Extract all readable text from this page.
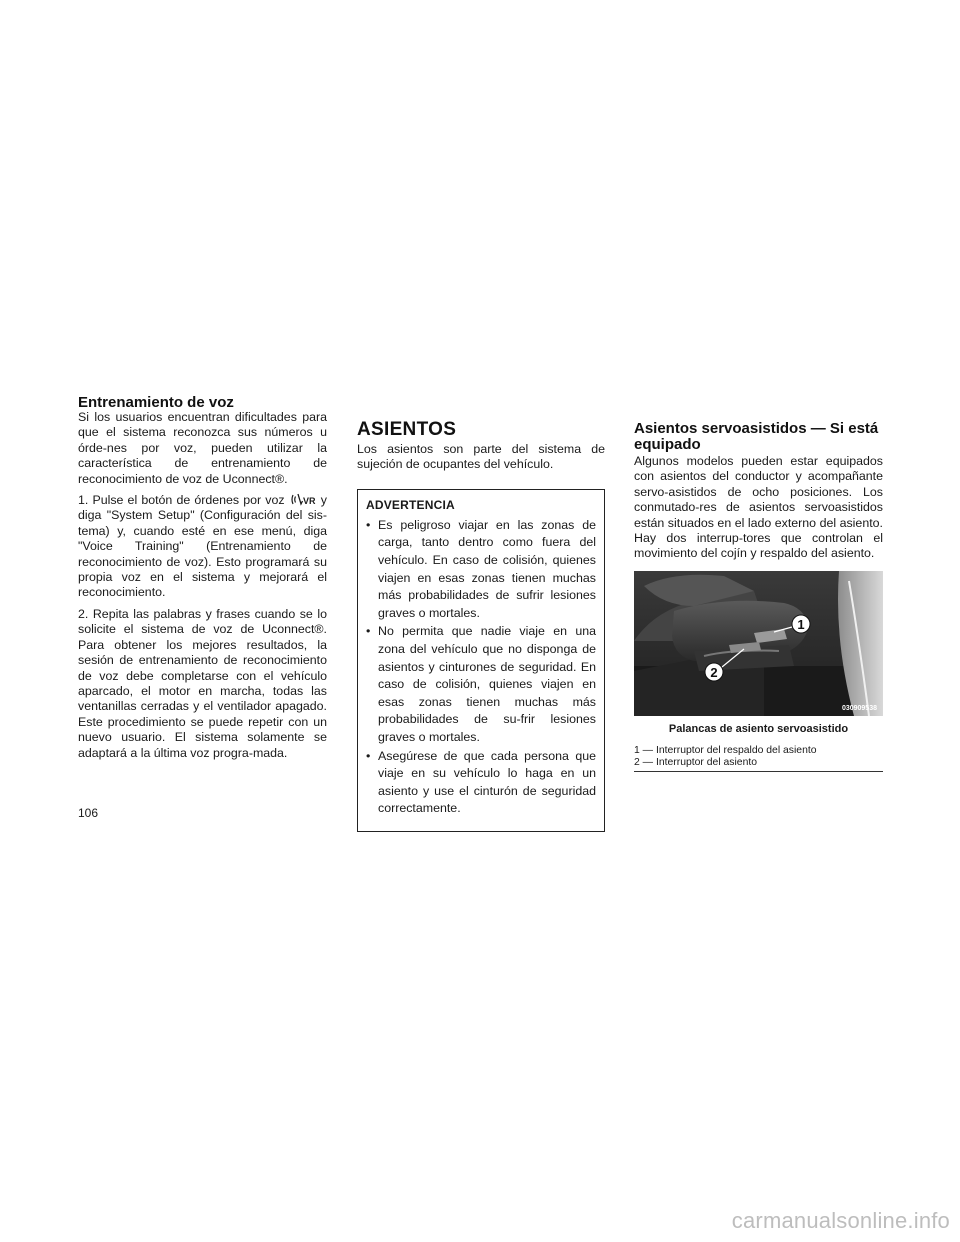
Entrenamiento de voz

Si los usuarios encuentran dificultades para que el sistema reconozca sus números u órde-nes por voz, pueden utilizar la característica de entrenamiento de reconocimiento de voz de Uconnect®.

1. Pulse el botón de órdenes por voz VR y diga "System Setup" (Configuración del sis-tema) y, cuando esté en ese menú, diga "Voice Training" (Entrenamiento de reconocimiento de voz). Esto programará su propia voz en el sistema y mejorará el reconocimiento.

2. Repita las palabras y frases cuando se lo solicite el sistema de voz de Uconnect®. Para obtener los mejores resultados, la sesión de entrenamiento de reconocimiento de voz debe completarse con el vehículo aparcado, el motor en marcha, todas las ventanillas cerradas y el ventilador apagado. Este procedimiento se puede repetir con un nuevo usuario. El sistema solamente se adaptará a la última voz progra-mada.

ASIENTOS

Los asientos son parte del sistema de sujeción de ocupantes del vehículo.

ADVERTENCIA
• Es peligroso viajar en las zonas de carga, tanto dentro como fuera del vehículo. En caso de colisión, quienes viajen en esas zonas tienen muchas más probabilidades de sufrir lesiones graves o mortales.
• No permita que nadie viaje en una zona del vehículo que no disponga de asientos y cinturones de seguridad. En caso de colisión, quienes viajen en esas zonas tienen muchas más probabilidades de su-frir lesiones graves o mortales.
• Asegúrese de que cada persona que viaje en su vehículo lo haga en un asiento y use el cinturón de seguridad correctamente.
Asientos servoasistidos — Si está
equipado

Algunos modelos pueden estar equipados con asientos del conductor y acompañante servo-asistidos de ocho posiciones. Los conmutado-res de asientos servoasistidos están situados en el lado externo del asiento. Hay dos interrup-tores que controlan el movimiento del cojín y respaldo del asiento.

1
2
030909538
Palancas de asiento servoasistido
1 — Interruptor del respaldo del asiento
2 — Interruptor del asiento
106
carmanualsonline.info
